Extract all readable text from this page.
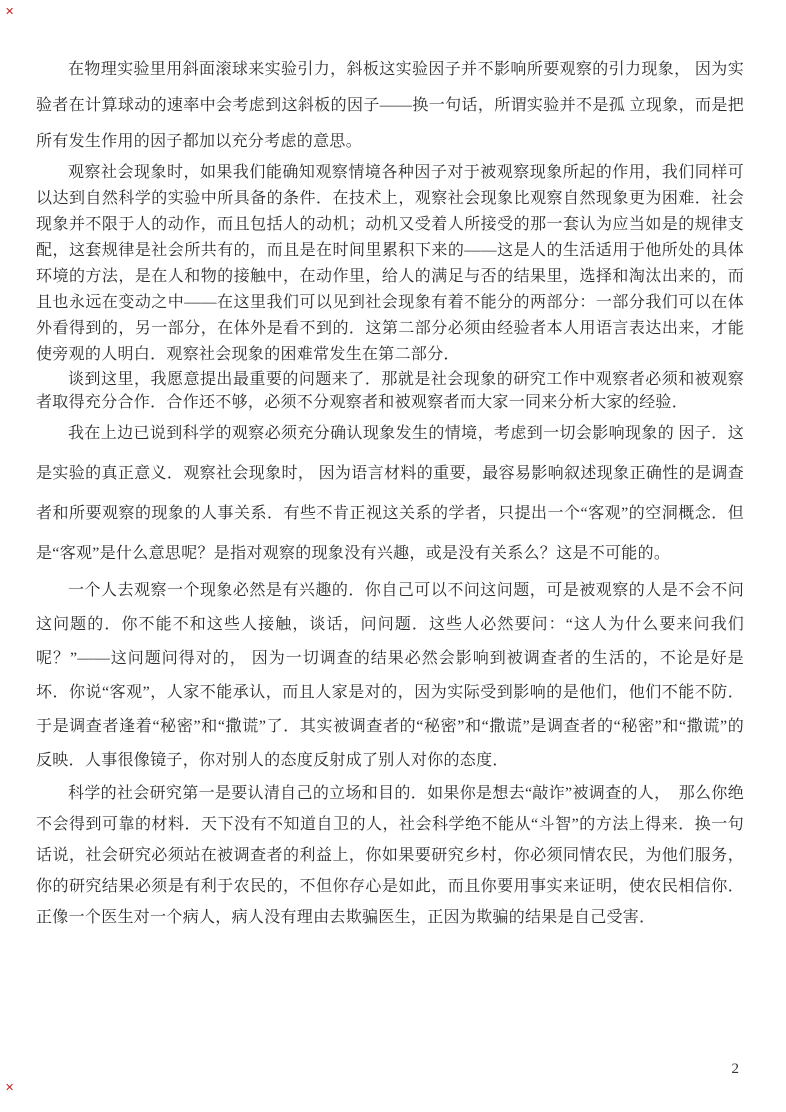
✕

在物理实验里用斜面滚球来实验引力，斜板这实验因子并不影响所要观察的引力现象， 因为实验者在计算球动的速率中会考虑到这斜板的因子——换一句话，所谓实验并不是孤 立现象，而是把所有发生作用的因子都加以充分考虑的意思。

观察社会现象时，如果我们能确知观察情境各种因子对于被观察现象所起的作用，我们同样可以达到自然科学的实验中所具备的条件．在技术上，观察社会现象比观察自然现象更为困难．社会现象并不限于人的动作，而且包括人的动机；动机又受着人所接受的那一套认为应当如是的规律支配，这套规律是社会所共有的，而且是在时间里累积下来的——这是人的生活适用于他所处的具体环境的方法，是在人和物的接触中，在动作里，给人的满足与否的结果里，选择和淘汰出来的，而且也永远在变动之中——在这里我们可以见到社会现象有着不能分的两部分：一部分我们可以在体外看得到的，另一部分，在体外是看不到的．这第二部分必须由经验者本人用语言表达出来，才能使旁观的人明白．观察社会现象的困难常发生在第二部分．

谈到这里，我愿意提出最重要的问题来了．那就是社会现象的研究工作中观察者必须和被观察者取得充分合作．合作还不够，必须不分观察者和被观察者而大家一同来分析大家的经验．

我在上边已说到科学的观察必须充分确认现象发生的情境，考虑到一切会影响现象的 因子．这是实验的真正意义．观察社会现象时， 因为语言材料的重要，最容易影响叙述现象正确性的是调查者和所要观察的现象的人事关系．有些不肯正视这关系的学者，只提出一个“客观”的空洞概念．但是“客观”是什么意思呢？是指对观察的现象没有兴趣，或是没有关系么？这是不可能的。

一个人去观察一个现象必然是有兴趣的．你自己可以不问这问题，可是被观察的人是不会不问这问题的．你不能不和这些人接触，谈话，问问题．这些人必然要问：“这人为什么要来问我们呢？”——这问题问得对的， 因为一切调查的结果必然会影响到被调查者的生活的，不论是好是坏．你说“客观”，人家不能承认，而且人家是对的，因为实际受到影响的是他们，他们不能不防．于是调查者逢着“秘密”和“撒谎”了．其实被调查者的“秘密”和“撒谎”是调查者的“秘密”和“撒谎”的反映．人事很像镜子，你对别人的态度反射成了别人对你的态度．

科学的社会研究第一是要认清自己的立场和目的．如果你是想去“敲诈”被调查的人，　那么你绝不会得到可靠的材料．天下没有不知道自卫的人，社会科学绝不能从“斗智”的方法上得来．换一句话说，社会研究必须站在被调查者的利益上，你如果要研究乡村，你必须同情农民，为他们服务，你的研究结果必须是有利于农民的，不但你存心是如此，而且你要用事实来证明，使农民相信你．正像一个医生对一个病人，病人没有理由去欺骗医生，正因为欺骗的结果是自己受害．

2
✕
